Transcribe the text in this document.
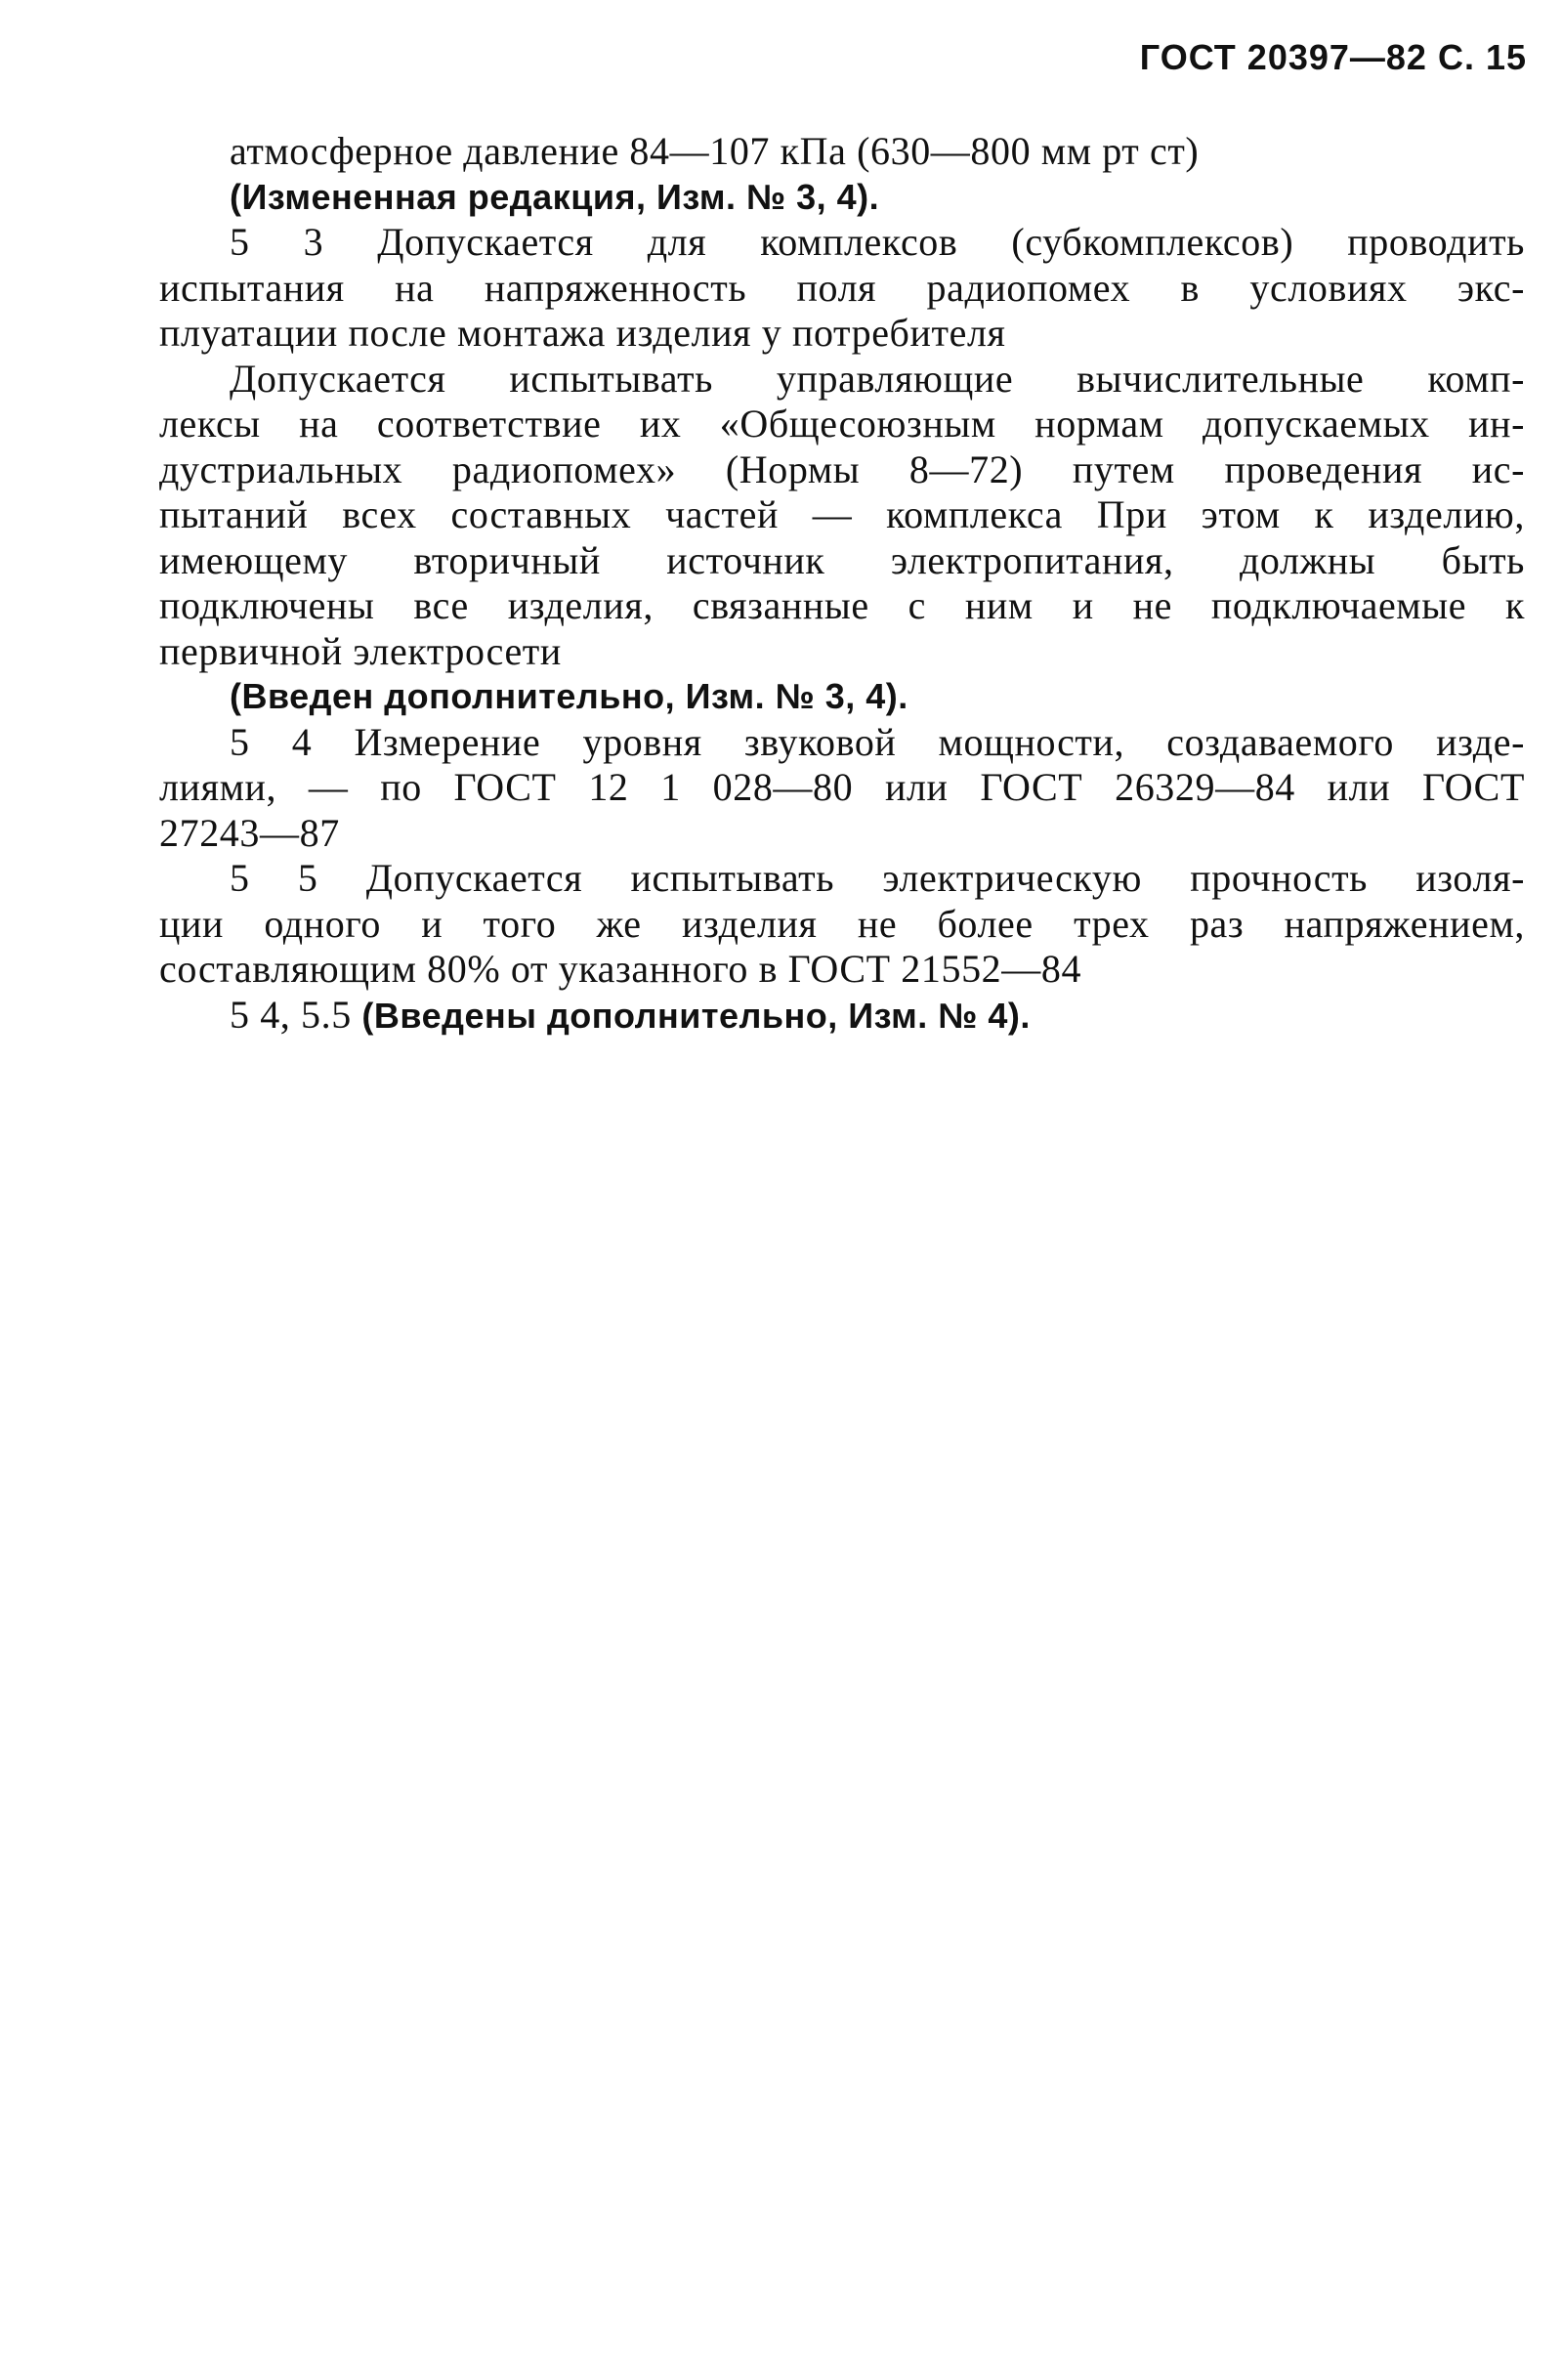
ГОСТ 20397—82 С. 15
атмосферное давление 84—107 кПа (630—800 мм рт ст)
(Измененная редакция, Изм. № 3, 4).
5 3 Допускается для комплексов (субкомплексов) проводить
испытания на напряженность поля радиопомех в условиях экс-
плуатации после монтажа изделия у потребителя
Допускается испытывать управляющие вычислительные комп-
лексы на соответствие их «Общесоюзным нормам допускаемых ин-
дустриальных радиопомех» (Нормы 8—72) путем проведения ис-
пытаний всех составных частей — комплекса При этом к изделию,
имеющему вторичный источник электропитания, должны быть
подключены все изделия, связанные с ним и не подключаемые к
первичной электросети
(Введен дополнительно, Изм. № 3, 4).
5 4 Измерение уровня звуковой мощности, создаваемого изде-
лиями, — по ГОСТ 12 1 028—80 или ГОСТ 26329—84 или ГОСТ
27243—87
5 5 Допускается испытывать электрическую прочность изоля-
ции одного и того же изделия не более трех раз напряжением,
составляющим 80% от указанного в ГОСТ 21552—84
5 4, 5.5 (Введены дополнительно, Изм. № 4).
